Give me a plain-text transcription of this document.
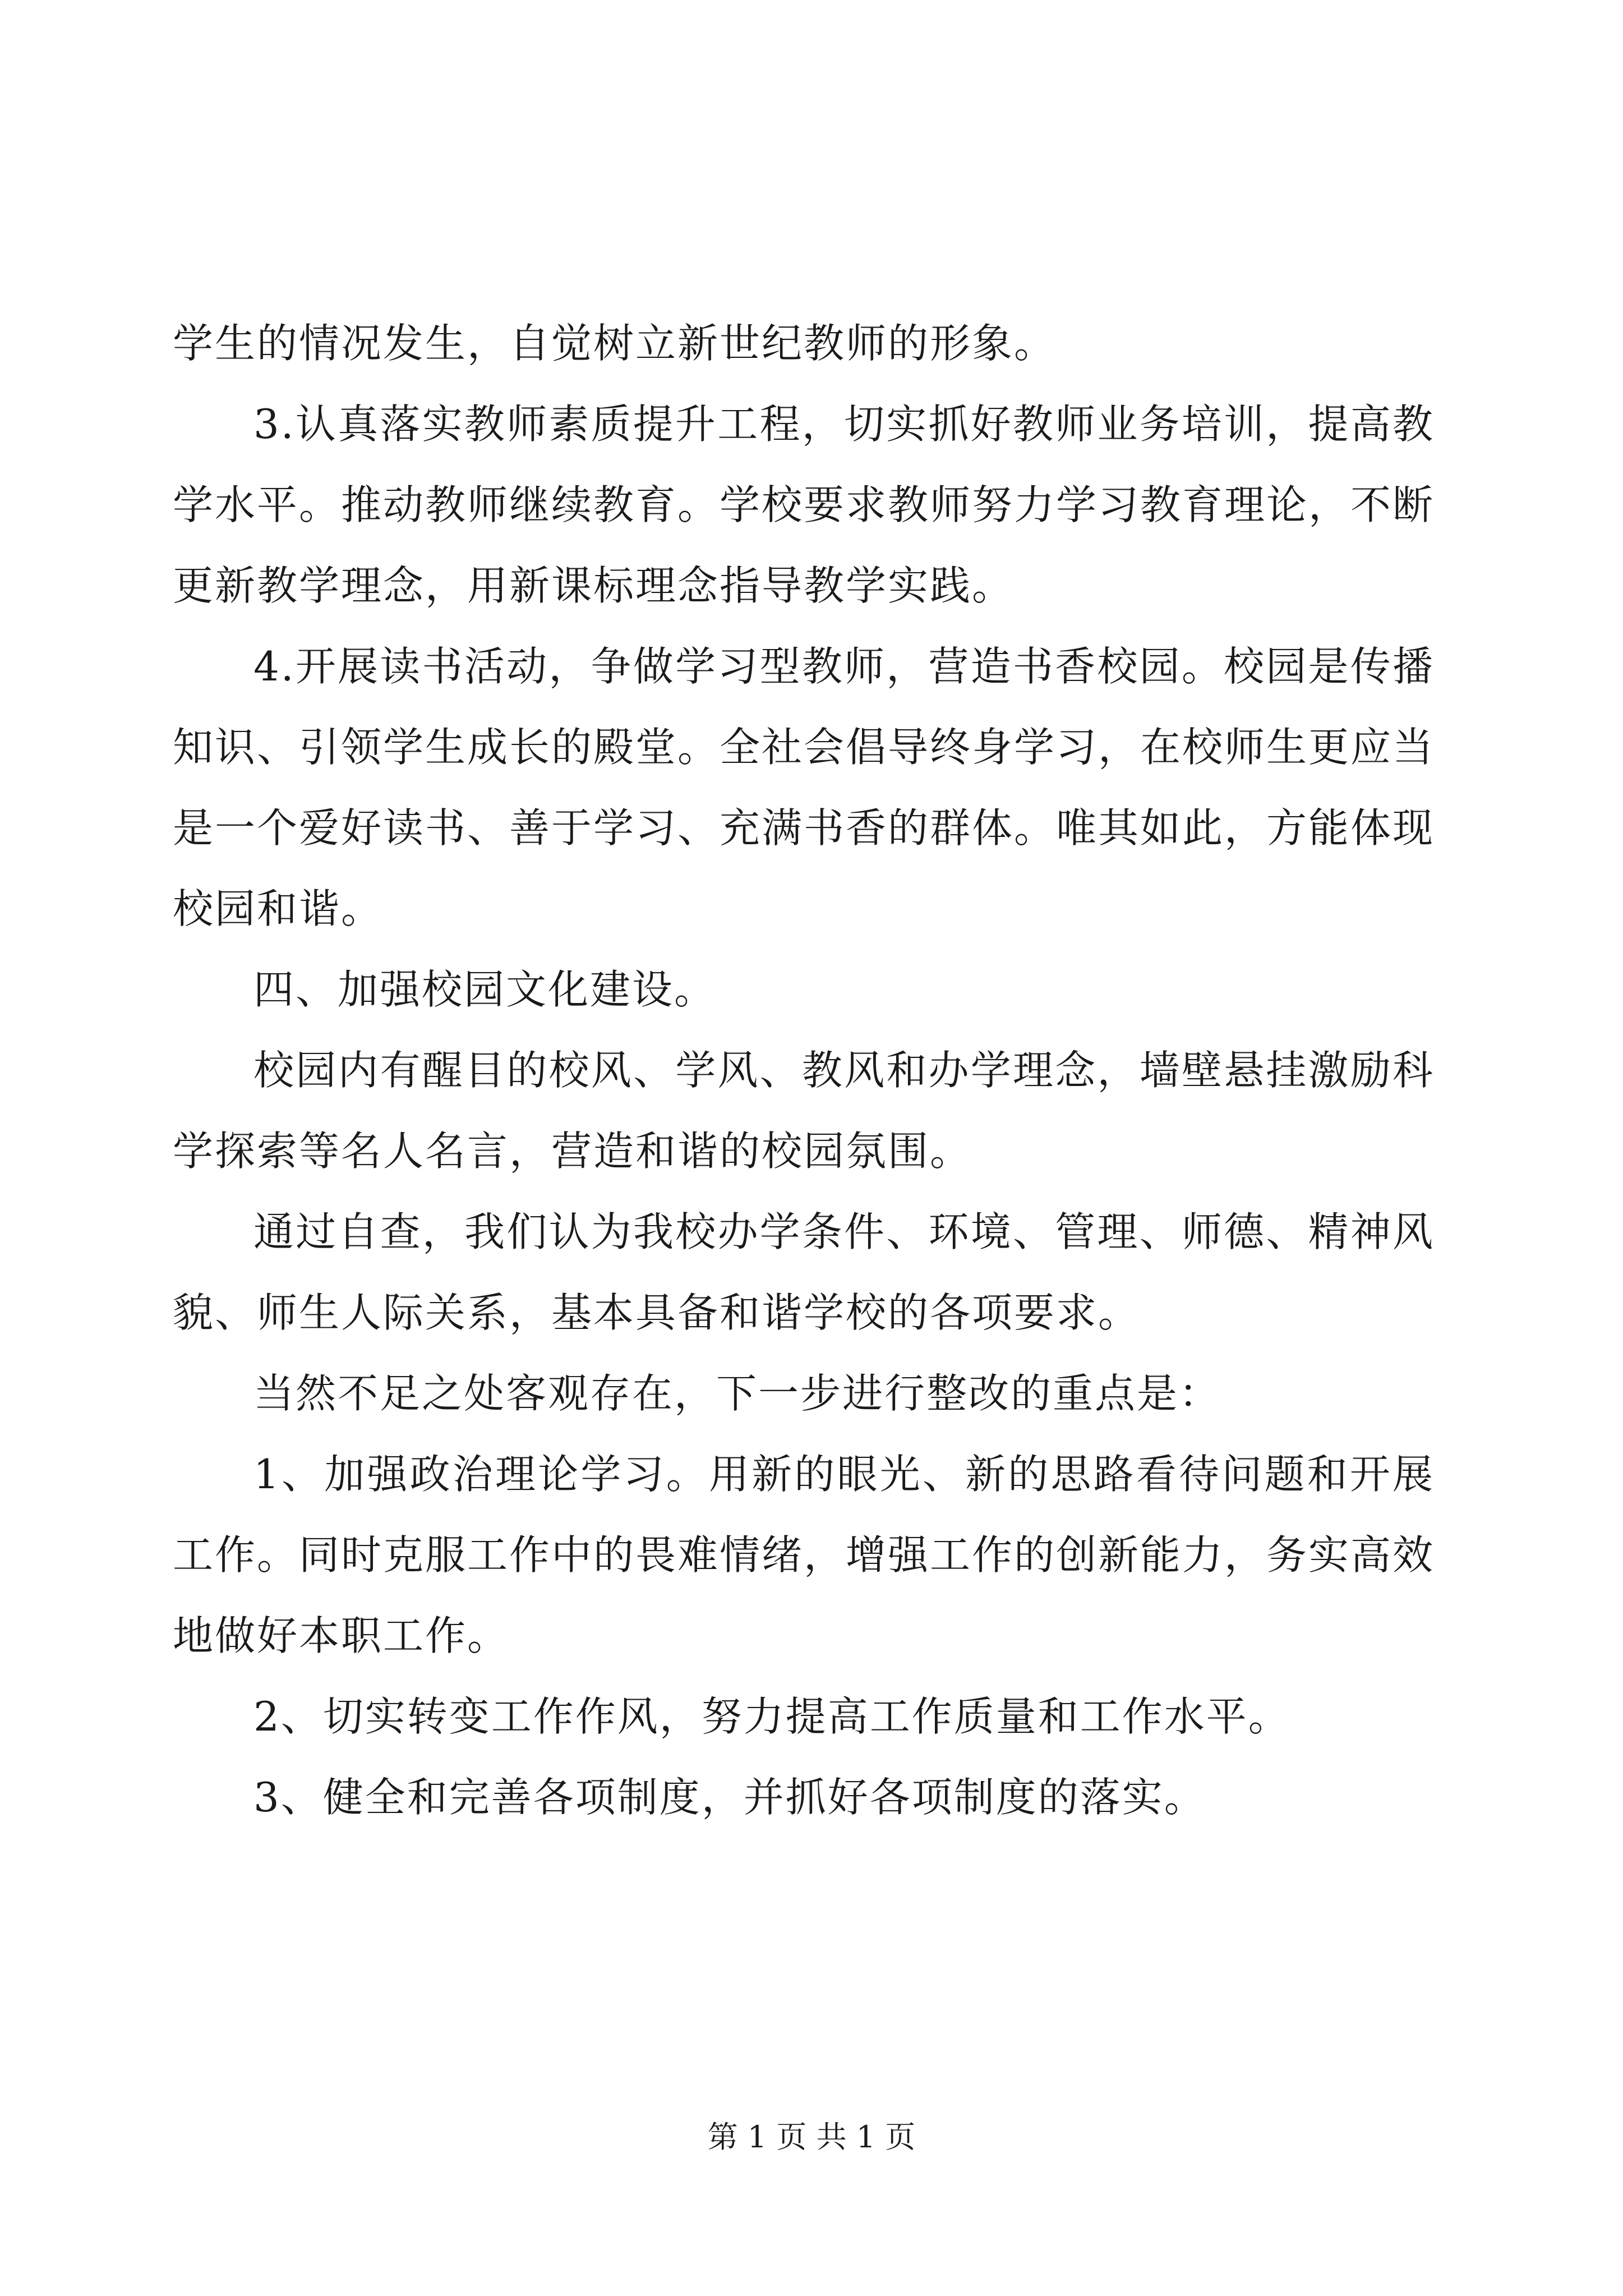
学生的情况发生，自觉树立新世纪教师的形象。

3.认真落实教师素质提升工程，切实抓好教师业务培训，提高教学水平。推动教师继续教育。学校要求教师努力学习教育理论，不断更新教学理念，用新课标理念指导教学实践。

4.开展读书活动，争做学习型教师，营造书香校园。校园是传播知识、引领学生成长的殿堂。全社会倡导终身学习，在校师生更应当是一个爱好读书、善于学习、充满书香的群体。唯其如此，方能体现校园和谐。

四、加强校园文化建设。

校园内有醒目的校风、学风、教风和办学理念，墙壁悬挂激励科学探索等名人名言，营造和谐的校园氛围。

通过自查，我们认为我校办学条件、环境、管理、师德、精神风貌、师生人际关系，基本具备和谐学校的各项要求。

当然不足之处客观存在，下一步进行整改的重点是：

1、加强政治理论学习。用新的眼光、新的思路看待问题和开展工作。同时克服工作中的畏难情绪，增强工作的创新能力，务实高效地做好本职工作。

2、切实转变工作作风，努力提高工作质量和工作水平。

3、健全和完善各项制度，并抓好各项制度的落实。

第 1 页 共 1 页
